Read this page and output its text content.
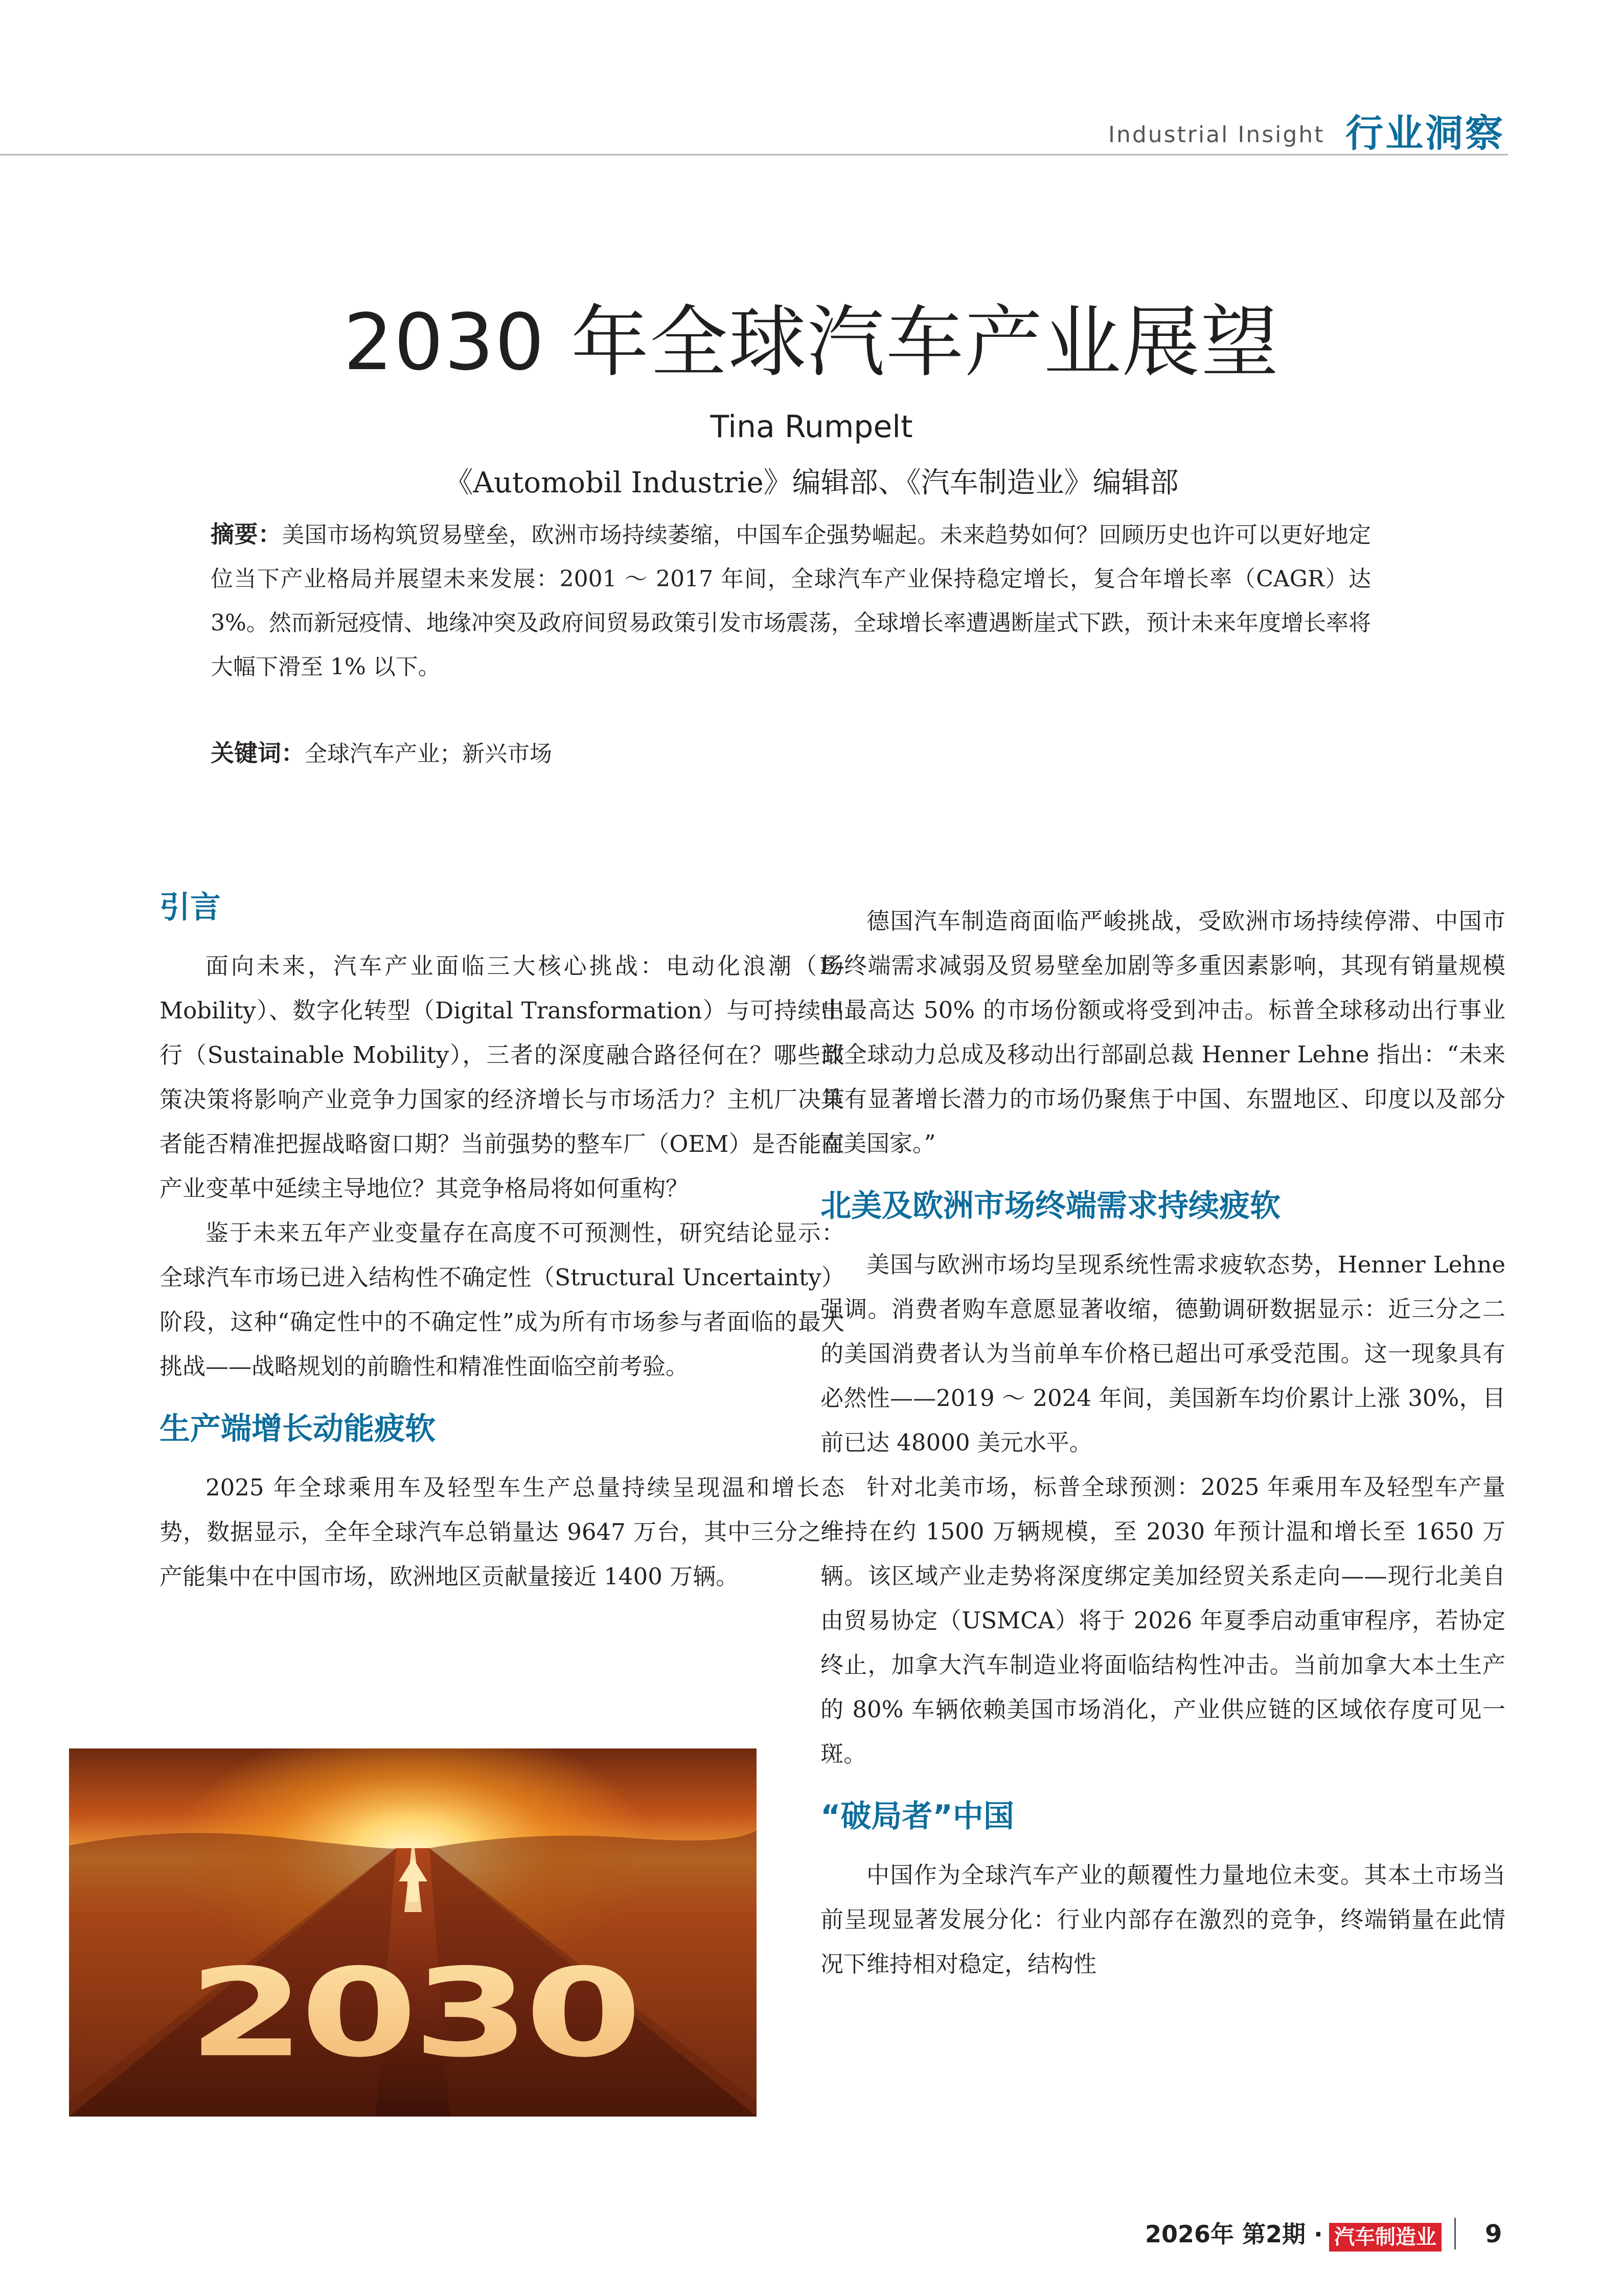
Industrial Insight 行业洞察
2030 年全球汽车产业展望
Tina Rumpelt
《Automobil Industrie》编辑部、《汽车制造业》编辑部
摘要：美国市场构筑贸易壁垒，欧洲市场持续萎缩，中国车企强势崛起。未来趋势如何？回顾历史也许可以更好地定位当下产业格局并展望未来发展：2001 ～ 2017 年间，全球汽车产业保持稳定增长，复合年增长率（CAGR）达 3%。然而新冠疫情、地缘冲突及政府间贸易政策引发市场震荡，全球增长率遭遇断崖式下跌，预计未来年度增长率将大幅下滑至 1% 以下。
关键词：全球汽车产业；新兴市场
引言

面向未来，汽车产业面临三大核心挑战：电动化浪潮（E-Mobility）、数字化转型（Digital Transformation）与可持续出行（Sustainable Mobility），三者的深度融合路径何在？哪些政策决策将影响产业竞争力国家的经济增长与市场活力？主机厂决策者能否精准把握战略窗口期？当前强势的整车厂（OEM）是否能在产业变革中延续主导地位？其竞争格局将如何重构？

鉴于未来五年产业变量存在高度不可预测性，研究结论显示：全球汽车市场已进入结构性不确定性（Structural Uncertainty）阶段，这种“确定性中的不确定性”成为所有市场参与者面临的最大挑战——战略规划的前瞻性和精准性面临空前考验。

生产端增长动能疲软

2025 年全球乘用车及轻型车生产总量持续呈现温和增长态势，数据显示，全年全球汽车总销量达 9647 万台，其中三分之一产能集中在中国市场，欧洲地区贡献量接近 1400 万辆。

2030

德国汽车制造商面临严峻挑战，受欧洲市场持续停滞、中国市场终端需求减弱及贸易壁垒加剧等多重因素影响，其现有销量规模中最高达 50% 的市场份额或将受到冲击。标普全球移动出行事业部全球动力总成及移动出行部副总裁 Henner Lehne 指出：“未来具有显著增长潜力的市场仍聚焦于中国、东盟地区、印度以及部分南美国家。”

北美及欧洲市场终端需求持续疲软

美国与欧洲市场均呈现系统性需求疲软态势，Henner Lehne 强调。消费者购车意愿显著收缩，德勤调研数据显示：近三分之二的美国消费者认为当前单车价格已超出可承受范围。这一现象具有必然性——2019 ～ 2024 年间，美国新车均价累计上涨 30%，目前已达 48000 美元水平。

针对北美市场，标普全球预测：2025 年乘用车及轻型车产量维持在约 1500 万辆规模，至 2030 年预计温和增长至 1650 万辆。该区域产业走势将深度绑定美加经贸关系走向——现行北美自由贸易协定（USMCA）将于 2026 年夏季启动重审程序，若协定终止，加拿大汽车制造业将面临结构性冲击。当前加拿大本土生产的 80% 车辆依赖美国市场消化，产业供应链的区域依存度可见一斑。

“破局者”中国

中国作为全球汽车产业的颠覆性力量地位未变。其本土市场当前呈现显著发展分化：行业内部存在激烈的竞争，终端销量在此情况下维持相对稳定，结构性

2026年 第2期 · 汽车制造业 9
